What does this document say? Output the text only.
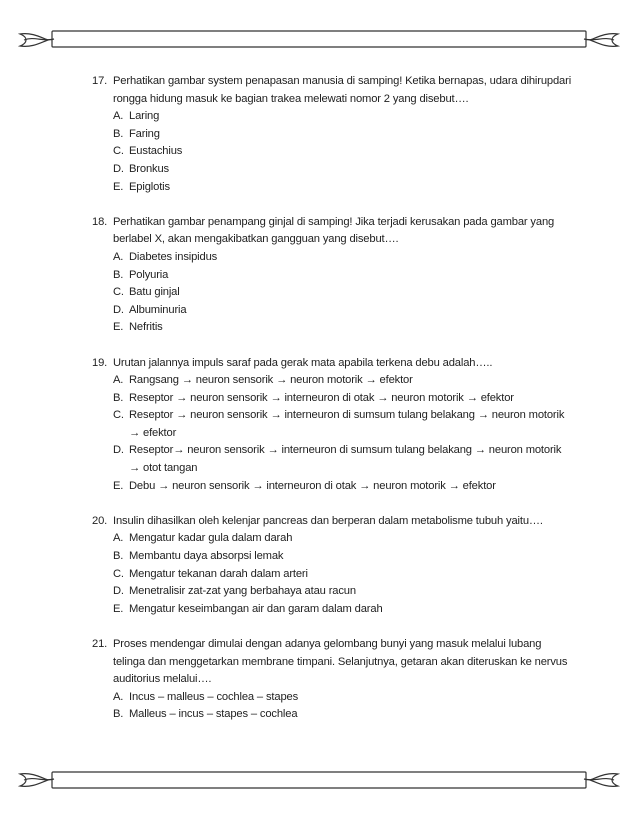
17. Perhatikan gambar system penapasan manusia di samping! Ketika bernapas, udara dihirupdari rongga hidung masuk ke bagian trakea melewati nomor 2 yang disebut….
A. Laring
B. Faring
C. Eustachius
D. Bronkus
E. Epiglotis
18. Perhatikan gambar penampang ginjal di samping! Jika terjadi kerusakan pada gambar yang berlabel X, akan mengakibatkan gangguan yang disebut….
A. Diabetes insipidus
B. Polyuria
C. Batu ginjal
D. Albuminuria
E. Nefritis
19. Urutan jalannya impuls saraf pada gerak mata apabila terkena debu adalah…..
A. Rangsang → neuron sensorik → neuron motorik → efektor
B. Reseptor → neuron sensorik → interneuron di otak → neuron motorik → efektor
C. Reseptor → neuron sensorik → interneuron di sumsum tulang belakang → neuron motorik → efektor
D. Reseptor→ neuron sensorik → interneuron di sumsum tulang belakang → neuron motorik → otot tangan
E. Debu → neuron sensorik → interneuron di otak → neuron motorik → efektor
20. Insulin dihasilkan oleh kelenjar pancreas dan berperan dalam metabolisme tubuh yaitu….
A. Mengatur kadar gula dalam darah
B. Membantu daya absorpsi lemak
C. Mengatur tekanan darah dalam arteri
D. Menetralisir zat-zat yang berbahaya atau racun
E. Mengatur keseimbangan air dan garam dalam darah
21. Proses mendengar dimulai dengan adanya gelombang bunyi yang masuk melalui lubang telinga dan menggetarkan membrane timpani. Selanjutnya, getaran akan diteruskan ke nervus auditorius melalui….
A. Incus – malleus – cochlea – stapes
B. Malleus – incus – stapes – cochlea
